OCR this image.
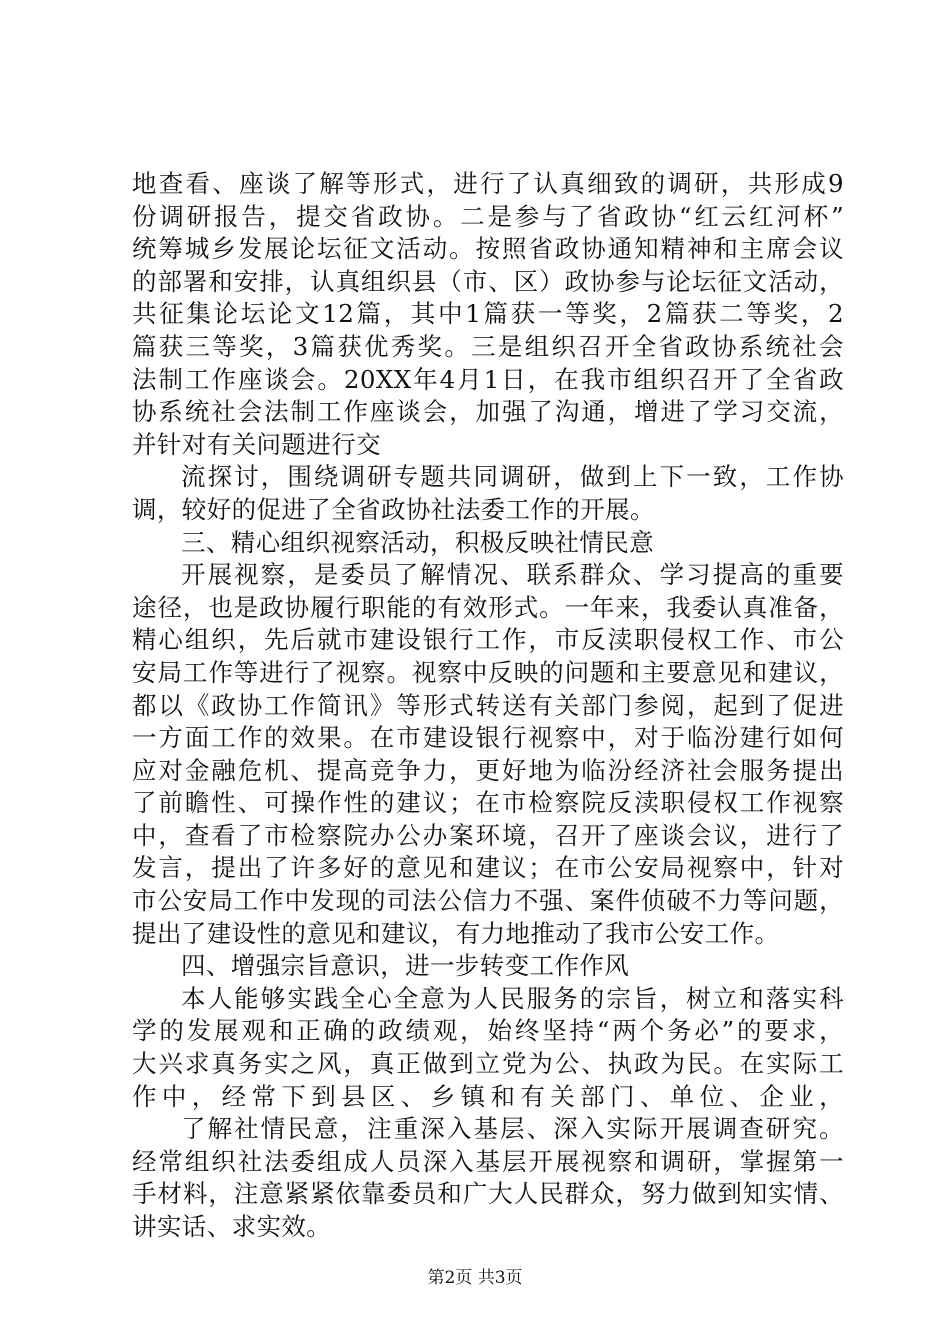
地查看、座谈了解等形式，进行了认真细致的调研，共形成9
份调研报告，提交省政协。二是参与了省政协“红云红河杯”
统筹城乡发展论坛征文活动。按照省政协通知精神和主席会议
的部署和安排，认真组织县（市、区）政协参与论坛征文活动，
共征集论坛论文12篇，其中1篇获一等奖，2篇获二等奖，2
篇获三等奖，3篇获优秀奖。三是组织召开全省政协系统社会
法制工作座谈会。20XX年4月1日，在我市组织召开了全省政
协系统社会法制工作座谈会，加强了沟通，增进了学习交流，
并针对有关问题进行交
流探讨，围绕调研专题共同调研，做到上下一致，工作协
调，较好的促进了全省政协社法委工作的开展。
三、精心组织视察活动，积极反映社情民意
开展视察，是委员了解情况、联系群众、学习提高的重要
途径，也是政协履行职能的有效形式。一年来，我委认真准备，
精心组织，先后就市建设银行工作，市反渎职侵权工作、市公
安局工作等进行了视察。视察中反映的问题和主要意见和建议，
都以《政协工作简讯》等形式转送有关部门参阅，起到了促进
一方面工作的效果。在市建设银行视察中，对于临汾建行如何
应对金融危机、提高竞争力，更好地为临汾经济社会服务提出
了前瞻性、可操作性的建议；在市检察院反渎职侵权工作视察
中，查看了市检察院办公办案环境，召开了座谈会议，进行了
发言，提出了许多好的意见和建议；在市公安局视察中，针对
市公安局工作中发现的司法公信力不强、案件侦破不力等问题，
提出了建设性的意见和建议，有力地推动了我市公安工作。
四、增强宗旨意识，进一步转变工作作风
本人能够实践全心全意为人民服务的宗旨，树立和落实科
学的发展观和正确的政绩观，始终坚持“两个务必”的要求，
大兴求真务实之风，真正做到立党为公、执政为民。在实际工
作中，经常下到县区、乡镇和有关部门、单位、企业，
了解社情民意，注重深入基层、深入实际开展调查研究。
经常组织社法委组成人员深入基层开展视察和调研，掌握第一
手材料，注意紧紧依靠委员和广大人民群众，努力做到知实情、
讲实话、求实效。
第2页 共3页
